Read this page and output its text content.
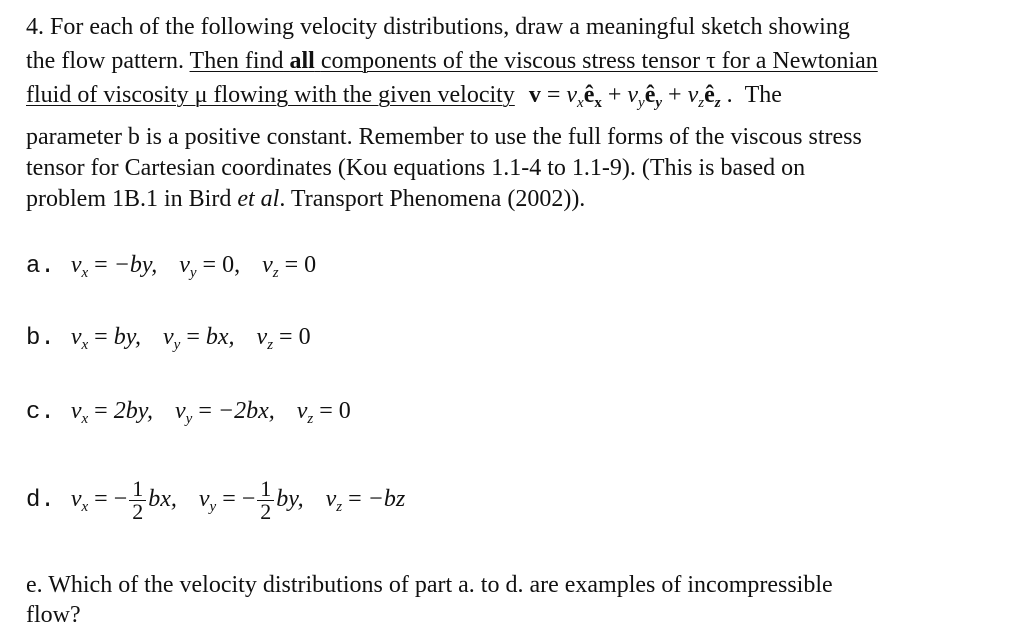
4. For each of the following velocity distributions, draw a meaningful sketch showing
the flow pattern. Then find all components of the viscous stress tensor τ for a Newtonian
fluid of viscosity μ flowing with the given velocity $v = v_xê_x$ + $v_yê_y$ + $v_zê_z$ . The
parameter b is a positive constant. Remember to use the full forms of the viscous stress
tensor for Cartesian coordinates (Kou equations 1.1-4 to 1.1-9). (This is based on
problem 1B.1 in Bird et al. Transport Phenomena (2002)).
a. $v_x = -by$, $v_y = 0$, $v_z = 0$
b. $v_x$ = by, $v_y$ = bx, $v_z = 0$
c. $v_x = 2by$, $v_y = -2bx$, $v_z = 0$
d. $v_x$ = − $\frac{1}{2}$ bx, $v_y$ = − $\frac{1}{2}$ by, $v_z = -bz$
e. Which of the velocity distributions of part a. to d. are examples of incompressible
flow?
